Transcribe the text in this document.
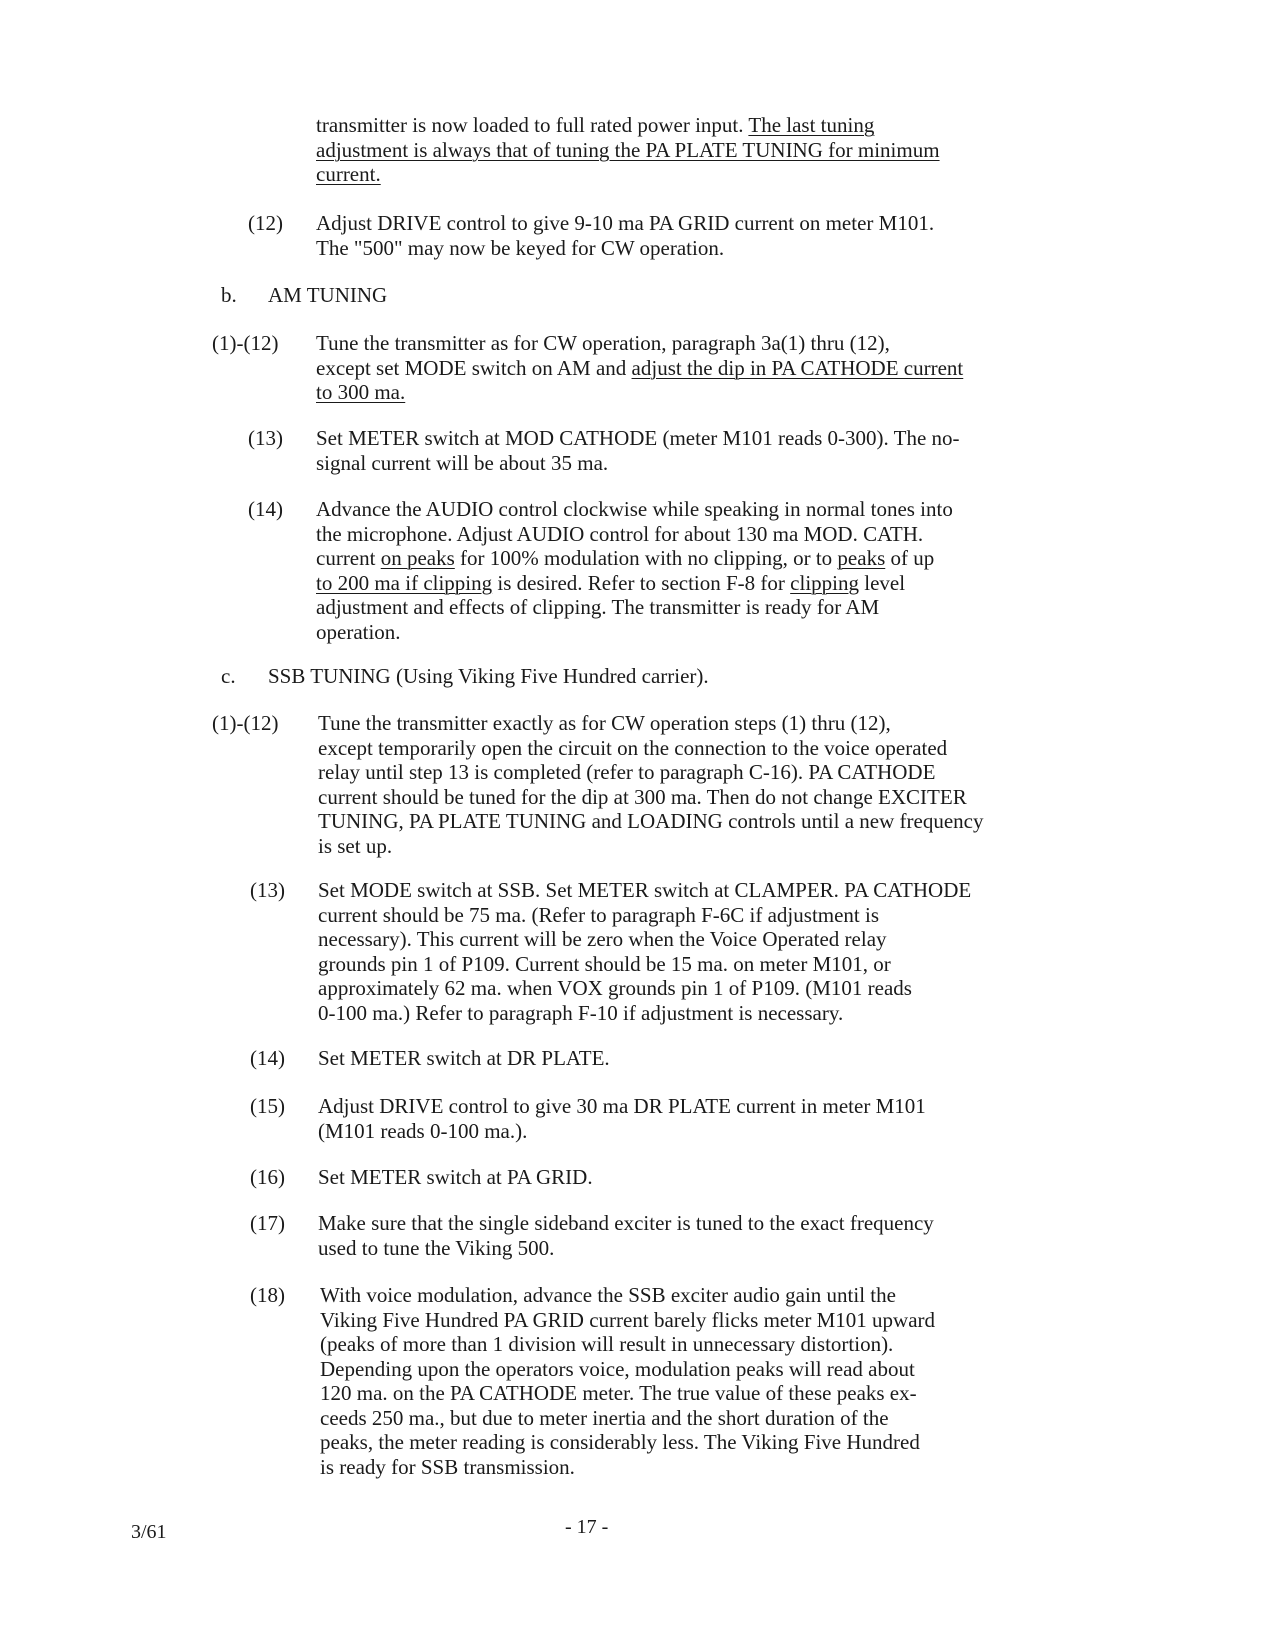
transmitter is now loaded to full rated power input. The last tuning
adjustment is always that of tuning the PA PLATE TUNING for minimum
current.
(12) Adjust DRIVE control to give 9-10 ma PA GRID current on meter M101.
The "500" may now be keyed for CW operation.
b. AM TUNING
(1)-(12) Tune the transmitter as for CW operation, paragraph 3a(1) thru (12),
except set MODE switch on AM and adjust the dip in PA CATHODE current
to 300 ma.
(13) Set METER switch at MOD CATHODE (meter M101 reads 0-300). The no-
signal current will be about 35 ma.
(14) Advance the AUDIO control clockwise while speaking in normal tones into
the microphone. Adjust AUDIO control for about 130 ma MOD. CATH.
current on peaks for 100% modulation with no clipping, or to peaks of up
to 200 ma if clipping is desired. Refer to section F-8 for clipping level
adjustment and effects of clipping. The transmitter is ready for AM
operation.
c. SSB TUNING (Using Viking Five Hundred carrier).
(1)-(12) Tune the transmitter exactly as for CW operation steps (1) thru (12),
except temporarily open the circuit on the connection to the voice operated
relay until step 13 is completed (refer to paragraph C-16). PA CATHODE
current should be tuned for the dip at 300 ma. Then do not change EXCITER
TUNING, PA PLATE TUNING and LOADING controls until a new frequency
is set up.
(13) Set MODE switch at SSB. Set METER switch at CLAMPER. PA CATHODE
current should be 75 ma. (Refer to paragraph F-6C if adjustment is
necessary). This current will be zero when the Voice Operated relay
grounds pin 1 of P109. Current should be 15 ma. on meter M101, or
approximately 62 ma. when VOX grounds pin 1 of P109. (M101 reads
0-100 ma.) Refer to paragraph F-10 if adjustment is necessary.
(14) Set METER switch at DR PLATE.
(15) Adjust DRIVE control to give 30 ma DR PLATE current in meter M101
(M101 reads 0-100 ma.).
(16) Set METER switch at PA GRID.
(17) Make sure that the single sideband exciter is tuned to the exact frequency
used to tune the Viking 500.
(18) With voice modulation, advance the SSB exciter audio gain until the
Viking Five Hundred PA GRID current barely flicks meter M101 upward
(peaks of more than 1 division will result in unnecessary distortion).
Depending upon the operators voice, modulation peaks will read about
120 ma. on the PA CATHODE meter. The true value of these peaks ex-
ceeds 250 ma., but due to meter inertia and the short duration of the
peaks, the meter reading is considerably less. The Viking Five Hundred
is ready for SSB transmission.
3/61	- 17 -
